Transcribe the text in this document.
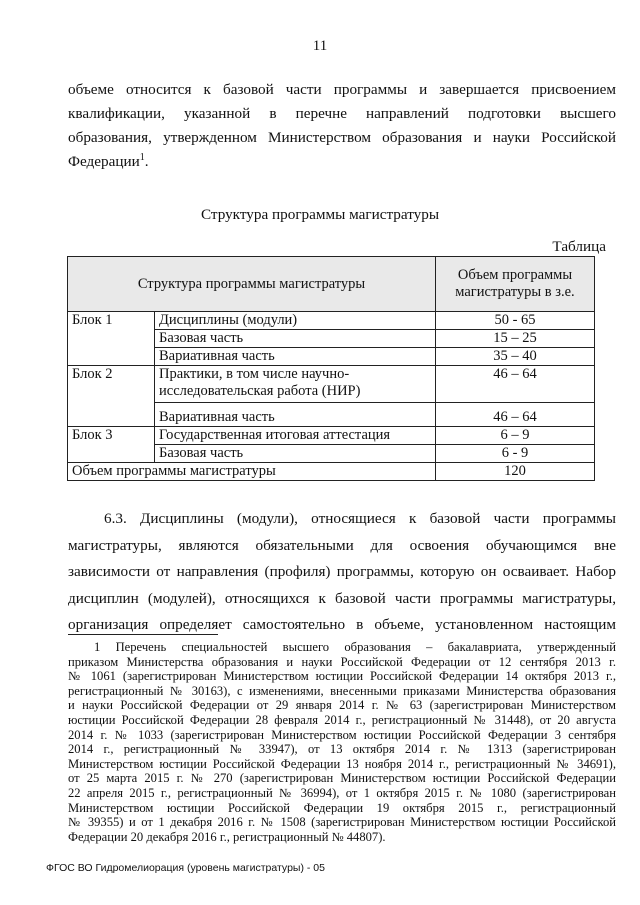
11
объеме относится к базовой части программы и завершается присвоением
квалификации, указанной в перечне направлений подготовки высшего
образования, утвержденном Министерством образования и науки Российской
Федерации$^1$.
Структура программы магистратуры
Таблица
Структура программы магистратуры		Объем программы магистратуры в з.е.
Блок 1	Дисциплины (модули)	50 - 65
	Базовая часть	15 – 25
	Вариативная часть	35 – 40
Блок 2	Практики, в том числе научно-исследовательская работа (НИР)	46 – 64
	Вариативная часть	46 – 64
Блок 3	Государственная итоговая аттестация	6 – 9
	Базовая часть	6 - 9
Объем программы магистратуры		120
6.3. Дисциплины (модули), относящиеся к базовой части программы
магистратуры, являются обязательными для освоения обучающимся вне
зависимости от направления (профиля) программы, которую он осваивает. Набор
дисциплин (модулей), относящихся к базовой части программы магистратуры,
организация определяет самостоятельно в объеме, установленном настоящим
1 Перечень специальностей высшего образования – бакалавриата, утвержденный
приказом Министерства образования и науки Российской Федерации от 12 сентября 2013 г.
№ 1061 (зарегистрирован Министерством юстиции Российской Федерации 14 октября 2013 г.,
регистрационный № 30163), с изменениями, внесенными приказами Министерства образования
и науки Российской Федерации от 29 января 2014 г. № 63 (зарегистрирован Министерством
юстиции Российской Федерации 28 февраля 2014 г., регистрационный № 31448), от 20 августа
2014 г. № 1033 (зарегистрирован Министерством юстиции Российской Федерации 3 сентября
2014 г., регистрационный № 33947), от 13 октября 2014 г. № 1313 (зарегистрирован
Министерством юстиции Российской Федерации 13 ноября 2014 г., регистрационный № 34691),
от 25 марта 2015 г. № 270 (зарегистрирован Министерством юстиции Российской Федерации
22 апреля 2015 г., регистрационный № 36994), от 1 октября 2015 г. № 1080 (зарегистрирован
Министерством юстиции Российской Федерации 19 октября 2015 г., регистрационный
№ 39355) и от 1 декабря 2016 г. № 1508 (зарегистрирован Министерством юстиции Российской
Федерации 20 декабря 2016 г., регистрационный № 44807).
ФГОС ВО Гидромелиорация (уровень магистратуры) - 05
